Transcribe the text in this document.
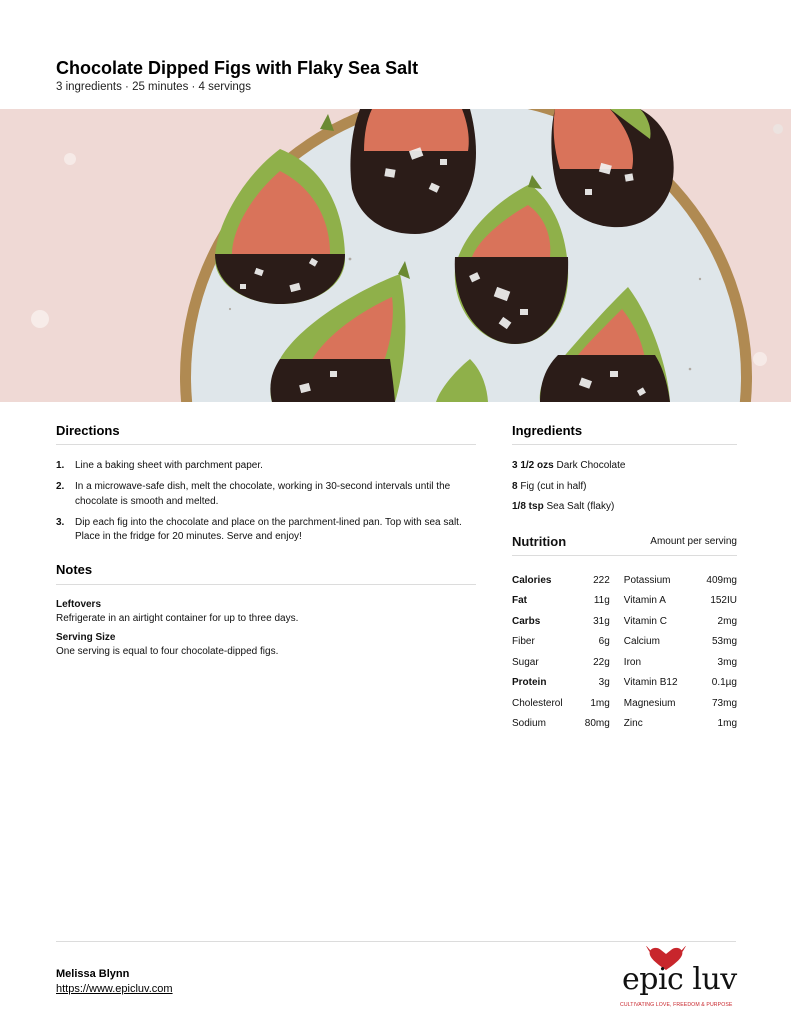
Chocolate Dipped Figs with Flaky Sea Salt
3 ingredients · 25 minutes · 4 servings
Directions
1.	Line a baking sheet with parchment paper.
2.	In a microwave-safe dish, melt the chocolate, working in 30-second intervals until the chocolate is smooth and melted.
3.	Dip each fig into the chocolate and place on the parchment-lined pan. Top with sea salt. Place in the fridge for 20 minutes. Serve and enjoy!
Notes
Leftovers
Refrigerate in an airtight container for up to three days.
Serving Size
One serving is equal to four chocolate-dipped figs.
Ingredients
3 1/2 ozs Dark Chocolate
8 Fig (cut in half)
1/8 tsp Sea Salt (flaky)
Nutrition	Amount per serving
Calories	222	Potassium	409mg
Fat	11g	Vitamin A	152IU
Carbs	31g	Vitamin C	2mg
Fiber	6g	Calcium	53mg
Sugar	22g	Iron	3mg
Protein	3g	Vitamin B12	0.1µg
Cholesterol	1mg	Magnesium	73mg
Sodium	80mg	Zinc	1mg
Melissa Blynn
https://www.epicluv.com	epic luv
CULTIVATING LOVE, FREEDOM & PURPOSE
